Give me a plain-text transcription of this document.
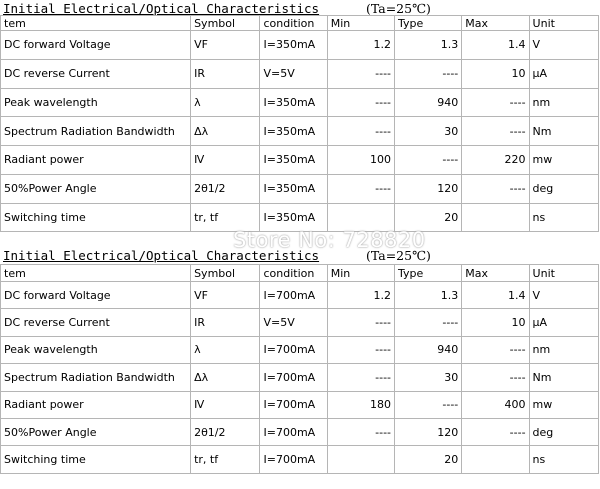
Initial Electrical/Optical Characteristics	(Ta=25℃)
tem	Symbol	condition	Min	Type	Max	Unit
DC forward Voltage	VF	I=350mA	1.2	1.3	1.4	V
DC reverse Current	IR	V=5V	----	----	10	μA
Peak wavelength	λ	I=350mA	----	940	----	nm
Spectrum Radiation Bandwidth	Δλ	I=350mA	----	30	----	Nm
Radiant power	Ⅳ	I=350mA	100	----	220	mw
50%Power Angle	2θ1/2	I=350mA	----	120	----	deg
Switching time	tr, tf	I=350mA		20		ns
Store No: 728820
Initial Electrical/Optical Characteristics	(Ta=25℃)
tem	Symbol	condition	Min	Type	Max	Unit
DC forward Voltage	VF	I=700mA	1.2	1.3	1.4	V
DC reverse Current	IR	V=5V	----	----	10	μA
Peak wavelength	λ	I=700mA	----	940	----	nm
Spectrum Radiation Bandwidth	Δλ	I=700mA	----	30	----	Nm
Radiant power	Ⅳ	I=700mA	180	----	400	mw
50%Power Angle	2θ1/2	I=700mA	----	120	----	deg
Switching time	tr, tf	I=700mA		20		ns
